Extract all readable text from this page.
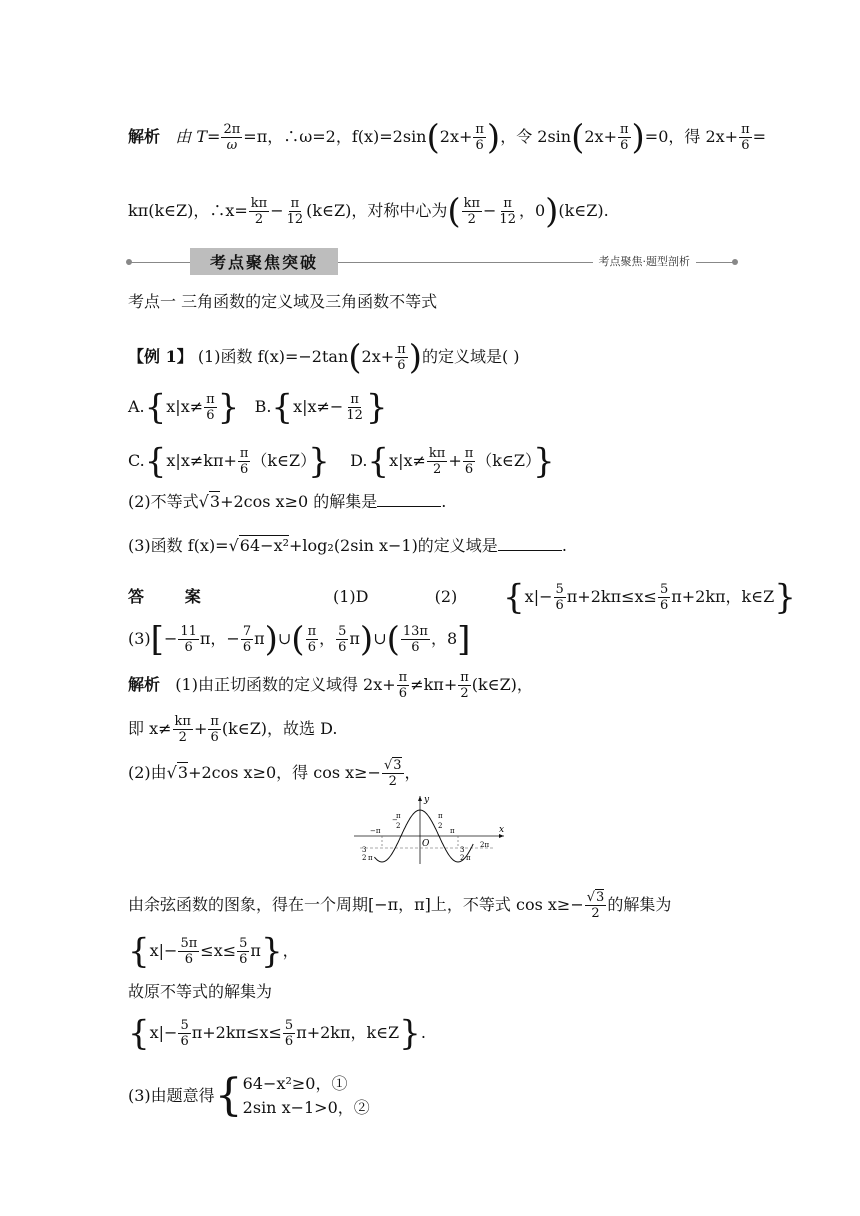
解析 由 $T= \frac{2\pi}{\omega} =\pi$，∴ω=2，$f(x)=2\sin(2x+ \frac{\pi}{6}$ )，令 $2\sin(2x+ \frac{\pi}{6} )=0$，得 $2x+ \frac{\pi}{6}$ =
kπ(k∈Z)，∴x= $\frac{k\pi}{2} - \frac{\pi}{12}$ (k∈Z)，对称中心为( $\frac{k\pi}{2} - \frac{\pi}{12}$ ，0)(k∈Z).
考点聚焦突破	考点聚焦·题型剖析
考点一 三角函数的定义域及三角函数不等式
【例 1】 (1)函数 $f(x)=-2\tan(2x+ \frac{\pi}{6}$ )的定义域是( )
$A.\{x|x\ne \frac{\pi}{6}$ } $B.\{x|x\ne- \frac{\pi}{12}$ }
$C.\{x|x\ne k\pi+ \frac{\pi}{6}$ （k∈Z）} $D.\{x|x\ne \frac{k\pi}{2} + \frac{\pi}{6}$ （k∈Z）}
(2)不等式√3+2cos x≥0 的解集是	.
(3)函数 f(x)=√64−x²+log₂(2sin x−1)的定义域是	.
答	案	(1)D	(2) {$x|- \frac{5}{6} \pi+2k\pi\le x\le \frac{5}{6} \pi+2k\pi$，k∈Z}
$(3)[- \frac{11}{6}$ π，− $\frac{7}{6}$ π)∪( $\frac{\pi}{6}$ ， $\frac{5}{6}$ π)∪( $\frac{13\pi}{6}$ ，8]
解析 (1)由正切函数的定义域得 $2x+ \frac{\pi}{6} \ne k\pi+ \frac{\pi}{2}$ (k∈Z)，
即 $x\ne \frac{k\pi}{2} + \frac{\pi}{6}$ (k∈Z)，故选 D.
(2)由√3+2cos x≥0，得 $\cos x\ge- \frac{√3}{2}$ ，
y
x
O
−π
−
π
2
π
2
π
2π
3
2 π
3
2 π
由余弦函数的图象，得在一个周期[−π，π]上，不等式 $\cos x\ge- \frac{√3}{2}$ 的解集为
$\{x|- \frac{5\pi}{6} \le x\le \frac{5}{6} \pi\}$，
故原不等式的解集为
{$x|- \frac{5}{6} \pi+2k\pi\le x\le \frac{5}{6} \pi+2k\pi$，k∈Z}.
(3)由题意得{ 64−x²≥0，①
2sin x−1>0，②
